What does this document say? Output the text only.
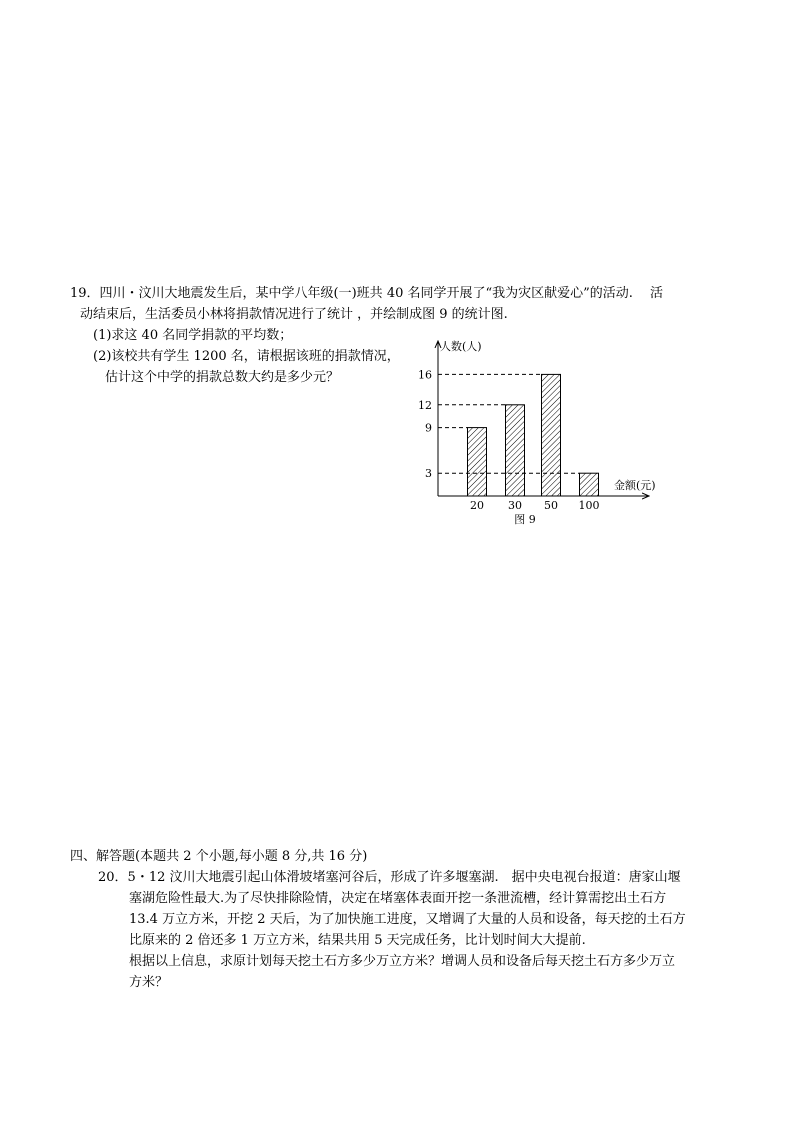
19．四川・汶川大地震发生后，某中学八年级(一)班共 40 名同学开展了“我为灾区献爱心”的活动.　 活
动结束后，生活委员小林将捐款情况进行了统计 ，并绘制成图 9 的统计图.
(1)求这 40 名同学捐款的平均数；
(2)该校共有学生 1200 名，请根据该班的捐款情况，
估计这个中学的捐款总数大约是多少元？
人数(人)
金额(元)
图 9
20 30 50 100
3
9
12
16
四、解答题(本题共 2 个小题,每小题 8 分,共 16 分)
20．5・12 汶川大地震引起山体滑坡堵塞河谷后，形成了许多堰塞湖.　据中央电视台报道：唐家山堰
塞湖危险性最大.为了尽快排除险情，决定在堵塞体表面开挖一条泄流槽，经计算需挖出土石方
13.4 万立方米，开挖 2 天后，为了加快施工进度，又增调了大量的人员和设备，每天挖的土石方
比原来的 2 倍还多 1 万立方米，结果共用 5 天完成任务，比计划时间大大提前.
根据以上信息，求原计划每天挖土石方多少万立方米？增调人员和设备后每天挖土石方多少万立
方米？
